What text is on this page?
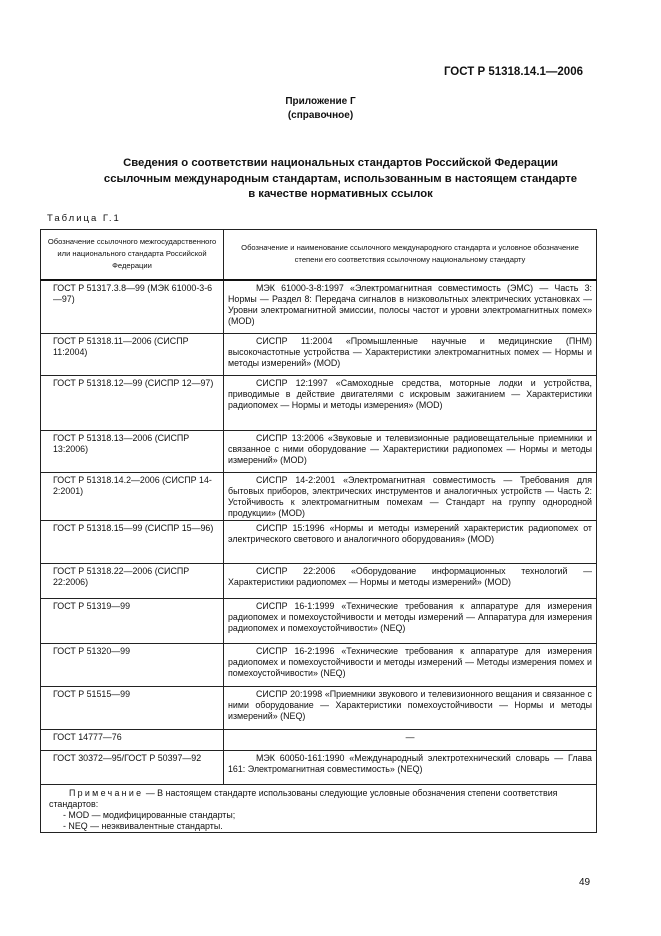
ГОСТ Р 51318.14.1—2006
Приложение Г
(справочное)
Сведения о соответствии национальных стандартов Российской Федерации
ссылочным международным стандартам, использованным в настоящем стандарте
в качестве нормативных ссылок
Таблица Г.1
Обозначение ссылочного межгосударственного или национального стандарта Российской Федерации	Обозначение и наименование ссылочного международного стандарта и условное обозначение степени его соответствия ссылочному национальному стандарту
ГОСТ Р 51317.3.8—99 (МЭК 61000-3-6—97)	МЭК 61000-3-8:1997 «Электромагнитная совместимость (ЭМС) — Часть 3: Нормы — Раздел 8: Передача сигналов в низковольтных электрических установках — Уровни электромагнитной эмиссии, полосы частот и уровни электромагнитных помех» (MOD)
ГОСТ Р 51318.11—2006 (СИСПР 11:2004)	СИСПР 11:2004 «Промышленные научные и медицинские (ПНМ) высокочастотные устройства — Характеристики электромагнитных помех — Нормы и методы измерений» (MOD)
ГОСТ Р 51318.12—99 (СИСПР 12—97)	СИСПР 12:1997 «Самоходные средства, моторные лодки и устройства, приводимые в действие двигателями с искровым зажиганием — Характеристики радиопомех — Нормы и методы измерения» (MOD)
ГОСТ Р 51318.13—2006 (СИСПР 13:2006)	СИСПР 13:2006 «Звуковые и телевизионные радиовещательные приемники и связанное с ними оборудование — Характеристики радиопомех — Нормы и методы измерений» (MOD)
ГОСТ Р 51318.14.2—2006 (СИСПР 14-2:2001)	СИСПР 14-2:2001 «Электромагнитная совместимость — Требования для бытовых приборов, электрических инструментов и аналогичных устройств — Часть 2: Устойчивость к электромагнитным помехам — Стандарт на группу однородной продукции» (MOD)
ГОСТ Р 51318.15—99 (СИСПР 15—96)	СИСПР 15:1996 «Нормы и методы измерений характеристик радиопомех от электрического светового и аналогичного оборудования» (MOD)
ГОСТ Р 51318.22—2006 (СИСПР 22:2006)	СИСПР 22:2006 «Оборудование информационных технологий — Характеристики радиопомех — Нормы и методы измерений» (MOD)
ГОСТ Р 51319—99	СИСПР 16-1:1999 «Технические требования к аппаратуре для измерения радиопомех и помехоустойчивости и методы измерений — Аппаратура для измерения радиопомех и помехоустойчивости» (NEQ)
ГОСТ Р 51320—99	СИСПР 16-2:1996 «Технические требования к аппаратуре для измерения радиопомех и помехоустойчивости и методы измерений — Методы измерения помех и помехоустойчивости» (NEQ)
ГОСТ Р 51515—99	СИСПР 20:1998 «Приемники звукового и телевизионного вещания и связанное с ними оборудование — Характеристики помехоустойчивости — Нормы и методы измерений» (NEQ)
ГОСТ 14777—76	—
ГОСТ 30372—95/ГОСТ Р 50397—92	МЭК 60050-161:1990 «Международный электротехнический словарь — Глава 161: Электромагнитная совместимость» (NEQ)

Примечание — В настоящем стандарте использованы следующие условные обозначения степени соответствия стандартов:
- MOD — модифицированные стандарты;
- NEQ — неэквивалентные стандарты.	
49
